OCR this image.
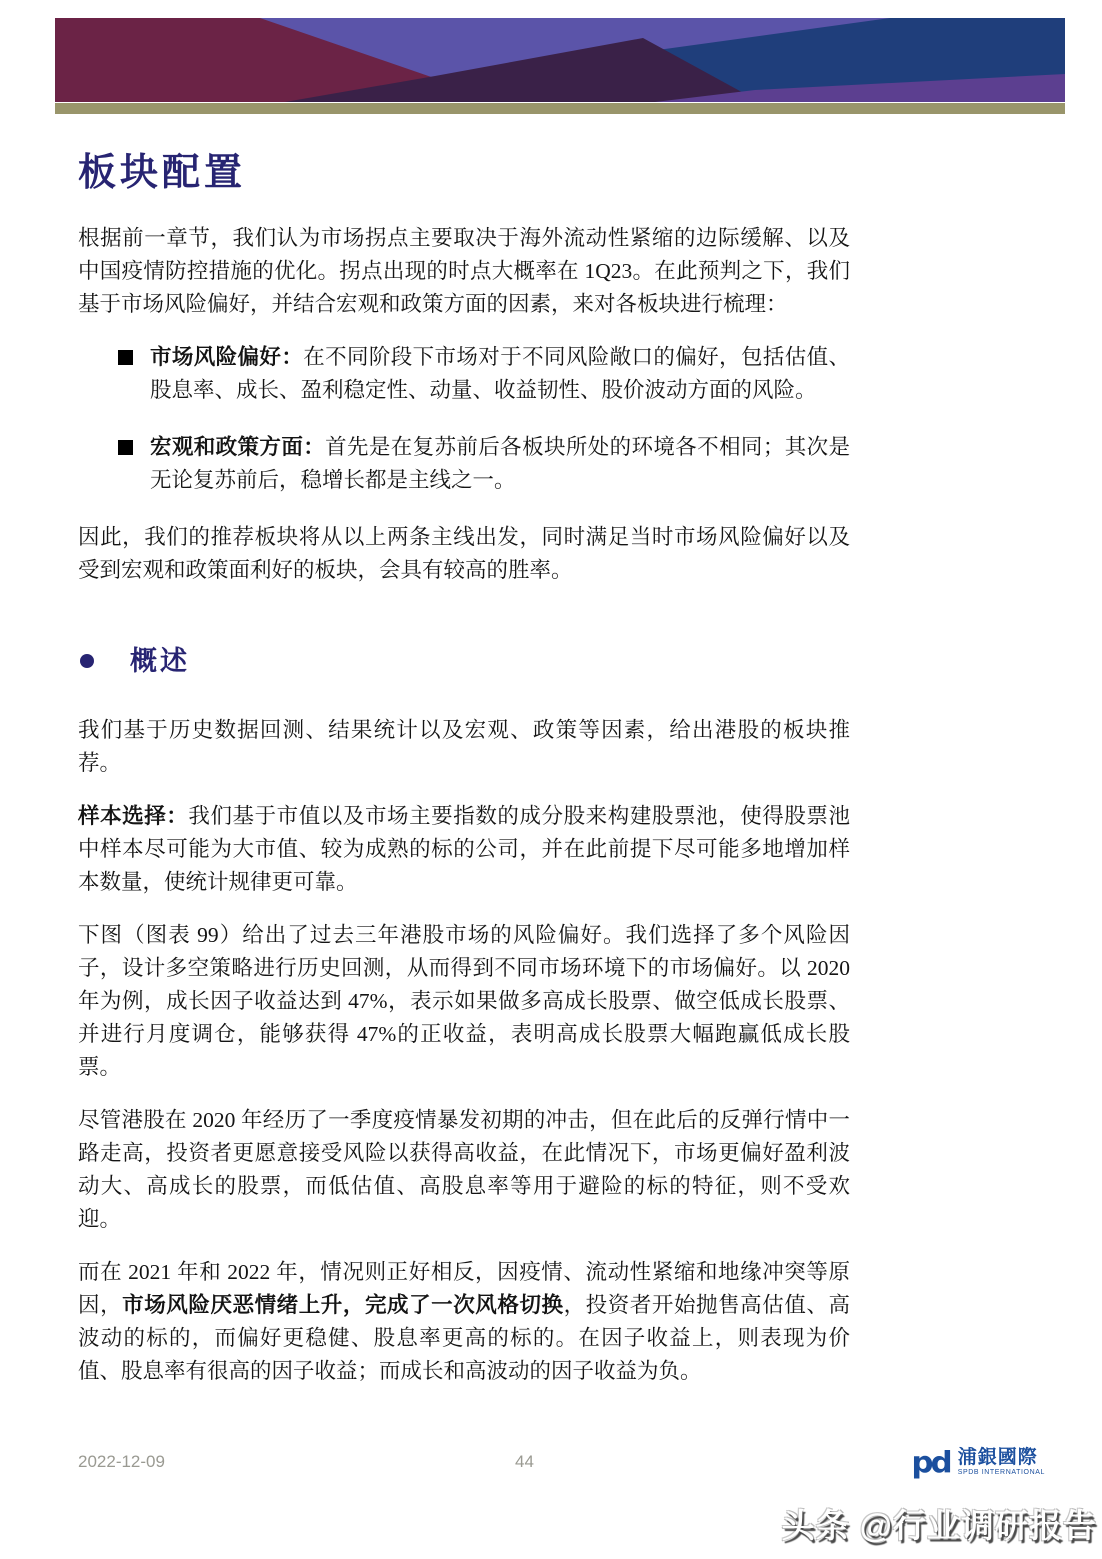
板块配置

根据前一章节，我们认为市场拐点主要取决于海外流动性紧缩的边际缓解、以及中国疫情防控措施的优化。拐点出现的时点大概率在 1Q23。在此预判之下，我们基于市场风险偏好，并结合宏观和政策方面的因素，来对各板块进行梳理：

市场风险偏好：在不同阶段下市场对于不同风险敞口的偏好，包括估值、股息率、成长、盈利稳定性、动量、收益韧性、股价波动方面的风险。
宏观和政策方面：首先是在复苏前后各板块所处的环境各不相同；其次是无论复苏前后，稳增长都是主线之一。

因此，我们的推荐板块将从以上两条主线出发，同时满足当时市场风险偏好以及受到宏观和政策面利好的板块，会具有较高的胜率。

概述

我们基于历史数据回测、结果统计以及宏观、政策等因素，给出港股的板块推荐。

样本选择：我们基于市值以及市场主要指数的成分股来构建股票池，使得股票池中样本尽可能为大市值、较为成熟的标的公司，并在此前提下尽可能多地增加样本数量，使统计规律更可靠。

下图（图表 99）给出了过去三年港股市场的风险偏好。我们选择了多个风险因子，设计多空策略进行历史回测，从而得到不同市场环境下的市场偏好。以 2020 年为例，成长因子收益达到 47%，表示如果做多高成长股票、做空低成长股票、并进行月度调仓，能够获得 47%的正收益，表明高成长股票大幅跑赢低成长股票。

尽管港股在 2020 年经历了一季度疫情暴发初期的冲击，但在此后的反弹行情中一路走高，投资者更愿意接受风险以获得高收益，在此情况下，市场更偏好盈利波动大、高成长的股票，而低估值、高股息率等用于避险的标的特征，则不受欢迎。

而在 2021 年和 2022 年，情况则正好相反，因疫情、流动性紧缩和地缘冲突等原因，市场风险厌恶情绪上升，完成了一次风格切换，投资者开始抛售高估值、高波动的标的，而偏好更稳健、股息率更高的标的。在因子收益上，则表现为价值、股息率有很高的因子收益；而成长和高波动的因子收益为负。

2022-12-09	44	pd 浦銀國際
SPDB INTERNATIONAL
头条 @行业调研报告
